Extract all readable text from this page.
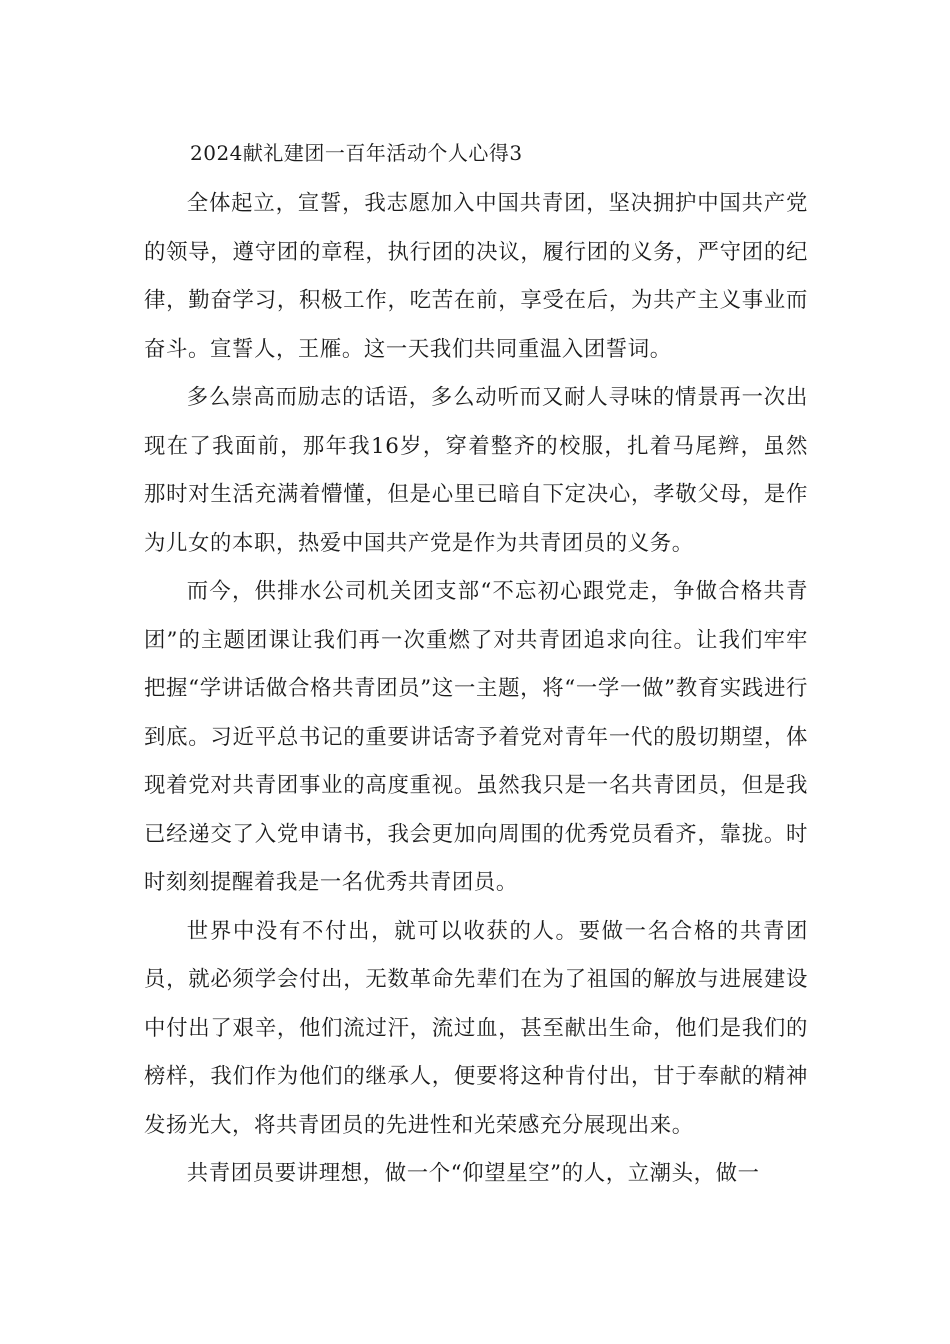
2024献礼建团一百年活动个人心得3

全体起立，宣誓，我志愿加入中国共青团，坚决拥护中国共产党的领导，遵守团的章程，执行团的决议，履行团的义务，严守团的纪律，勤奋学习，积极工作，吃苦在前，享受在后，为共产主义事业而奋斗。宣誓人，王雁。这一天我们共同重温入团誓词。

多么崇高而励志的话语，多么动听而又耐人寻味的情景再一次出现在了我面前，那年我16岁，穿着整齐的校服，扎着马尾辫，虽然那时对生活充满着懵懂，但是心里已暗自下定决心，孝敬父母，是作为儿女的本职，热爱中国共产党是作为共青团员的义务。

而今，供排水公司机关团支部“不忘初心跟党走，争做合格共青团”的主题团课让我们再一次重燃了对共青团追求向往。让我们牢牢把握“学讲话做合格共青团员”这一主题，将“一学一做”教育实践进行到底。习近平总书记的重要讲话寄予着党对青年一代的殷切期望，体现着党对共青团事业的高度重视。虽然我只是一名共青团员，但是我已经递交了入党申请书，我会更加向周围的优秀党员看齐，靠拢。时时刻刻提醒着我是一名优秀共青团员。

世界中没有不付出，就可以收获的人。要做一名合格的共青团员，就必须学会付出，无数革命先辈们在为了祖国的解放与进展建设中付出了艰辛，他们流过汗，流过血，甚至献出生命，他们是我们的榜样，我们作为他们的继承人，便要将这种肯付出，甘于奉献的精神发扬光大，将共青团员的先进性和光荣感充分展现出来。

共青团员要讲理想，做一个“仰望星空”的人，立潮头，做一
